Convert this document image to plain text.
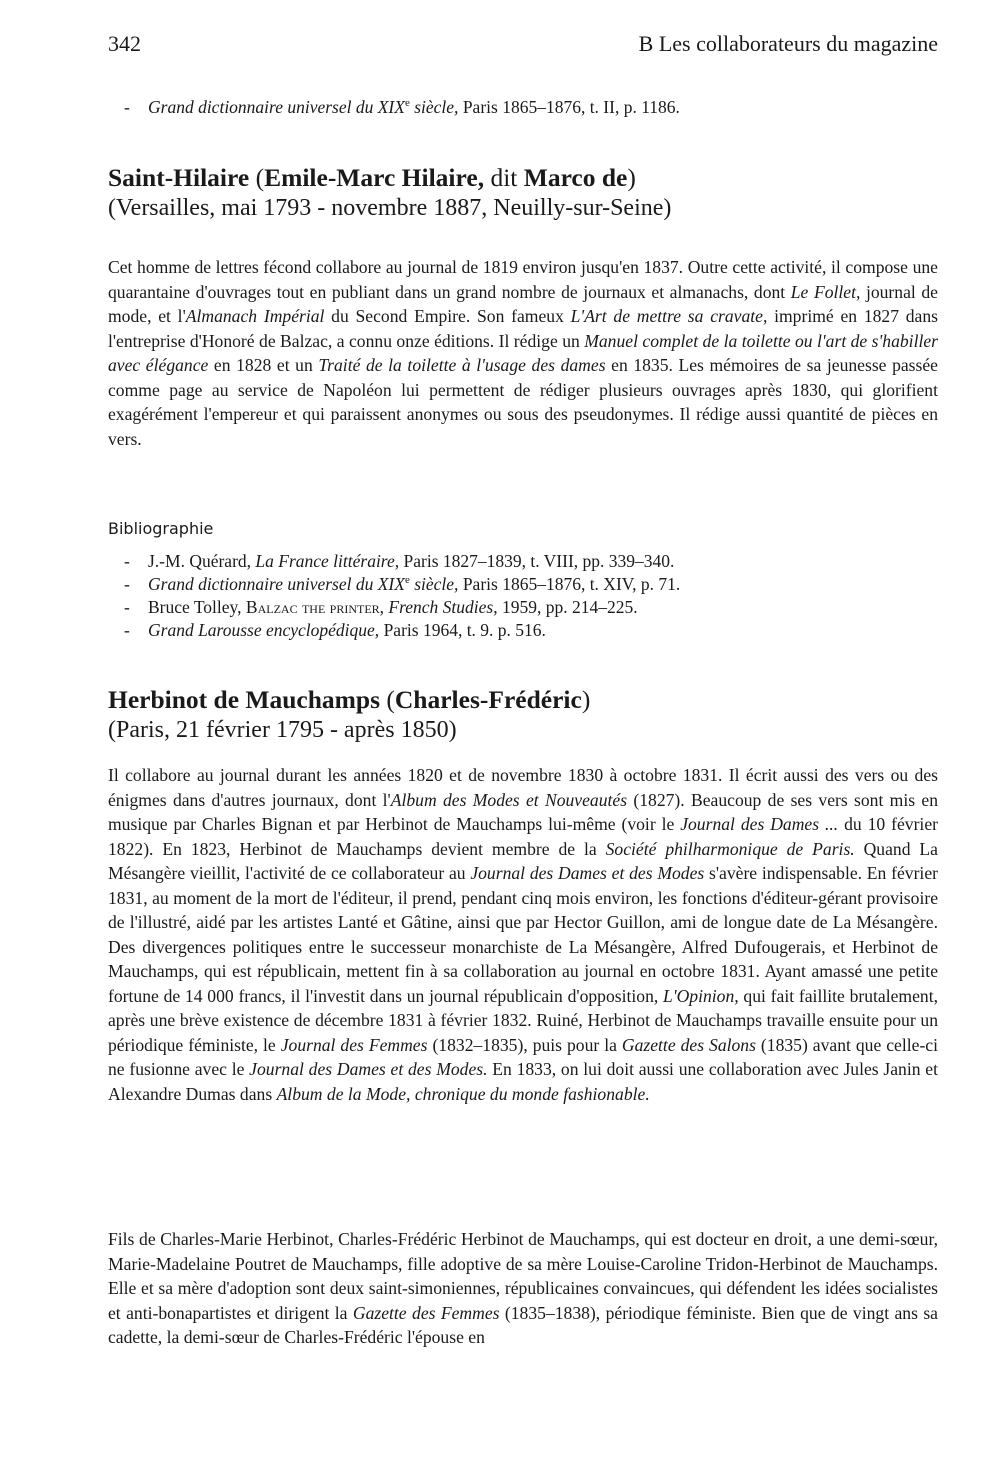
342	B Les collaborateurs du magazine
- Grand dictionnaire universel du XIXe siècle, Paris 1865–1876, t. II, p. 1186.
Saint-Hilaire (Emile-Marc Hilaire, dit Marco de)
(Versailles, mai 1793 - novembre 1887, Neuilly-sur-Seine)

Cet homme de lettres fécond collabore au journal de 1819 environ jusqu'en 1837. Outre cette activité, il compose une quarantaine d'ouvrages tout en publiant dans un grand nombre de journaux et almanachs, dont Le Follet, journal de mode, et l'Almanach Impérial du Second Empire. Son fameux L'Art de mettre sa cravate, imprimé en 1827 dans l'entreprise d'Honoré de Balzac, a connu onze éditions. Il rédige un Manuel complet de la toilette ou l'art de s'habiller avec élégance en 1828 et un Traité de la toilette à l'usage des dames en 1835. Les mémoires de sa jeunesse passée comme page au service de Napoléon lui permettent de rédiger plusieurs ouvrages après 1830, qui glorifient exagérément l'empereur et qui paraissent anonymes ou sous des pseudonymes. Il rédige aussi quantité de pièces en vers.

Bibliographie
- J.-M. Quérard, La France littéraire, Paris 1827–1839, t. VIII, pp. 339–340.
- Grand dictionnaire universel du XIXe siècle, Paris 1865–1876, t. XIV, p. 71.
- Bruce Tolley, Balzac the printer, French Studies, 1959, pp. 214–225.
- Grand Larousse encyclopédique, Paris 1964, t. 9. p. 516.
Herbinot de Mauchamps (Charles-Frédéric)
(Paris, 21 février 1795 - après 1850)

Il collabore au journal durant les années 1820 et de novembre 1830 à octobre 1831. Il écrit aussi des vers ou des énigmes dans d'autres journaux, dont l'Album des Modes et Nouveautés (1827). Beaucoup de ses vers sont mis en musique par Charles Bignan et par Herbinot de Mauchamps lui-même (voir le Journal des Dames ... du 10 février 1822). En 1823, Herbinot de Mauchamps devient membre de la Société philharmonique de Paris. Quand La Mésangère vieillit, l'activité de ce collaborateur au Journal des Dames et des Modes s'avère indispensable. En février 1831, au moment de la mort de l'éditeur, il prend, pendant cinq mois environ, les fonctions d'éditeur-gérant provisoire de l'illustré, aidé par les artistes Lanté et Gâtine, ainsi que par Hector Guillon, ami de longue date de La Mésangère. Des divergences politiques entre le successeur monarchiste de La Mésangère, Alfred Dufougerais, et Herbinot de Mauchamps, qui est républicain, mettent fin à sa collaboration au journal en octobre 1831. Ayant amassé une petite fortune de 14 000 francs, il l'investit dans un journal républicain d'opposition, L'Opinion, qui fait faillite brutalement, après une brève existence de décembre 1831 à février 1832. Ruiné, Herbinot de Mauchamps travaille ensuite pour un périodique féministe, le Journal des Femmes (1832–1835), puis pour la Gazette des Salons (1835) avant que celle-ci ne fusionne avec le Journal des Dames et des Modes. En 1833, on lui doit aussi une collaboration avec Jules Janin et Alexandre Dumas dans Album de la Mode, chronique du monde fashionable.

Fils de Charles-Marie Herbinot, Charles-Frédéric Herbinot de Mauchamps, qui est docteur en droit, a une demi-sœur, Marie-Madelaine Poutret de Mauchamps, fille adoptive de sa mère Louise-Caroline Tridon-Herbinot de Mauchamps. Elle et sa mère d'adoption sont deux saint-simoniennes, républicaines convaincues, qui défendent les idées socialistes et anti-bonapartistes et dirigent la Gazette des Femmes (1835–1838), périodique féministe. Bien que de vingt ans sa cadette, la demi-sœur de Charles-Frédéric l'épouse en
